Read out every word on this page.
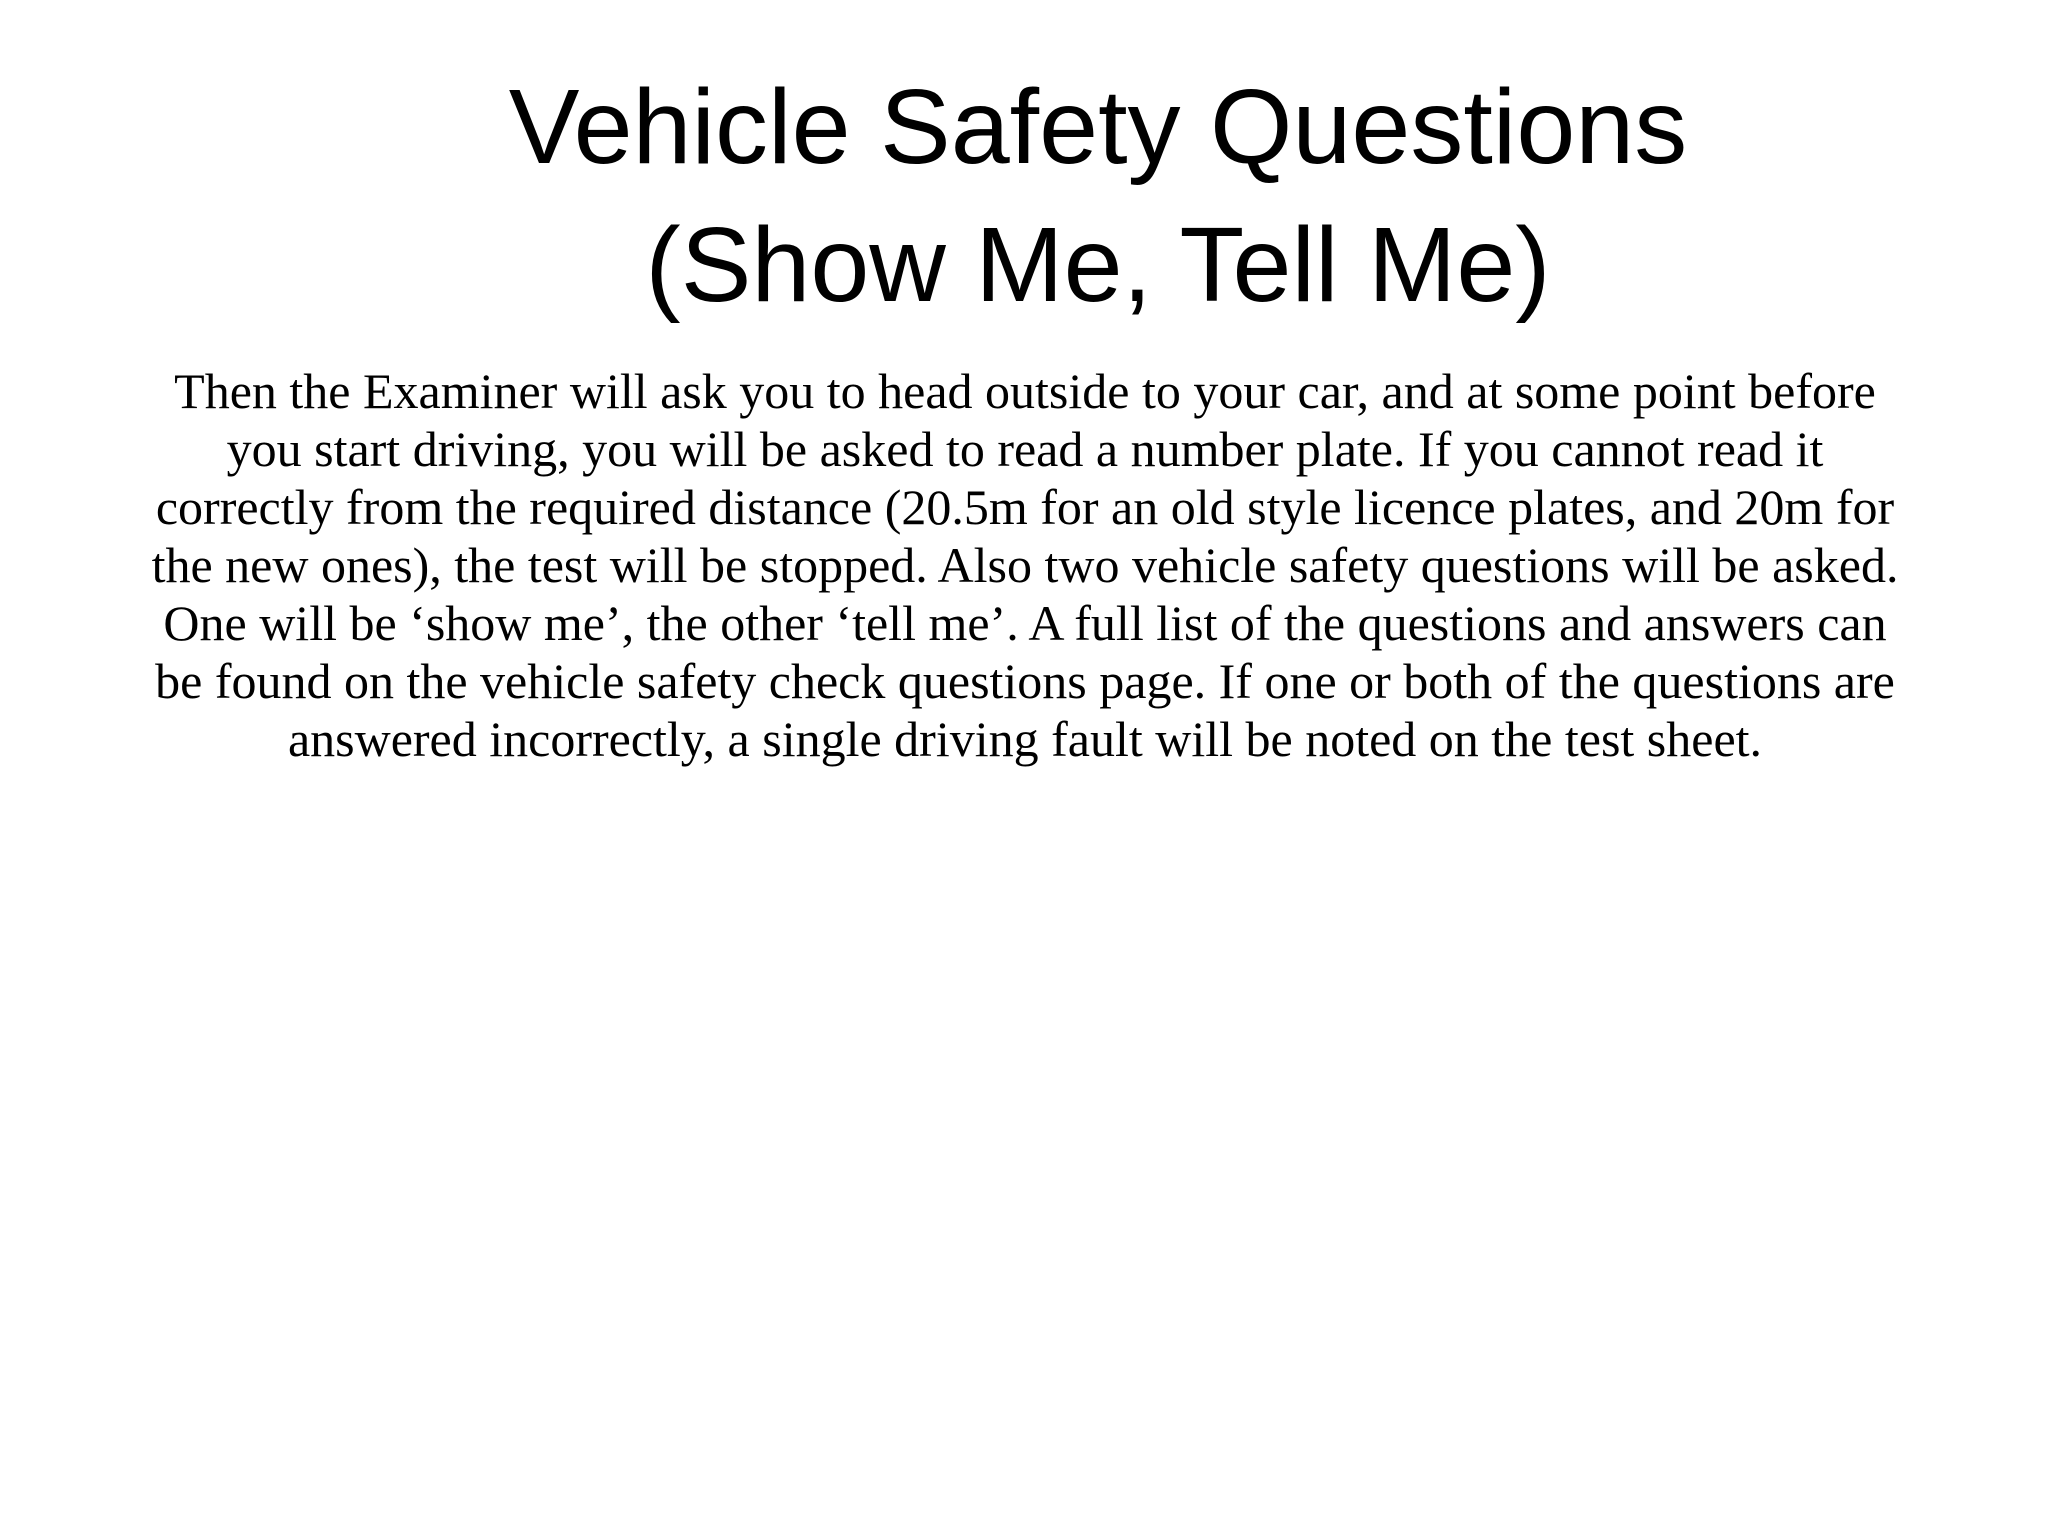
Vehicle Safety Questions
(Show Me, Tell Me)
Then the Examiner will ask you to head outside to your car, and at some point before
you start driving, you will be asked to read a number plate. If you cannot read it
correctly from the required distance (20.5m for an old style licence plates, and 20m for
the new ones), the test will be stopped. Also two vehicle safety questions will be asked.
One will be ‘show me’, the other ‘tell me’. A full list of the questions and answers can
be found on the vehicle safety check questions page. If one or both of the questions are
answered incorrectly, a single driving fault will be noted on the test sheet.
